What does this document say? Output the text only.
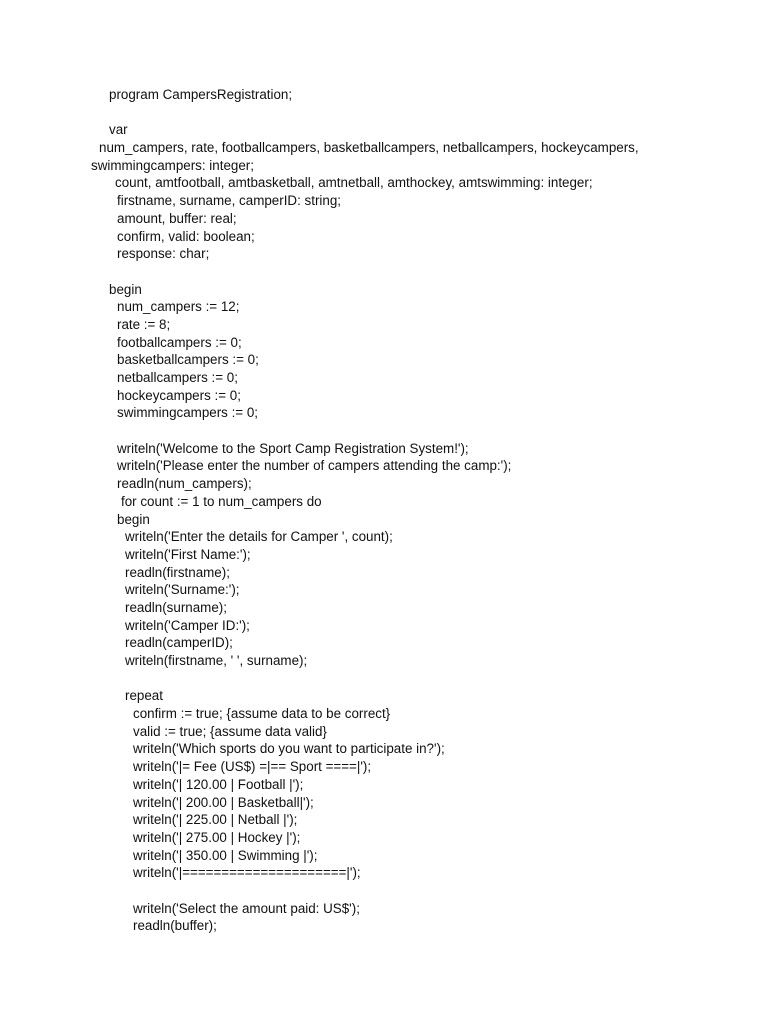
program CampersRegistration;
var
num_campers, rate, footballcampers, basketballcampers, netballcampers, hockeycampers,
swimmingcampers: integer;
count, amtfootball, amtbasketball, amtnetball, amthockey, amtswimming: integer;
firstname, surname, camperID: string;
amount, buffer: real;
confirm, valid: boolean;
response: char;
begin
num_campers := 12;
rate := 8;
footballcampers := 0;
basketballcampers := 0;
netballcampers := 0;
hockeycampers := 0;
swimmingcampers := 0;
writeln('Welcome to the Sport Camp Registration System!');
writeln('Please enter the number of campers attending the camp:');
readln(num_campers);
for count := 1 to num_campers do
begin
writeln('Enter the details for Camper ', count);
writeln('First Name:');
readln(firstname);
writeln('Surname:');
readln(surname);
writeln('Camper ID:');
readln(camperID);
writeln(firstname, ' ', surname);
repeat
confirm := true; {assume data to be correct}
valid := true; {assume data valid}
writeln('Which sports do you want to participate in?');
writeln('|= Fee (US$) =|== Sport ====|');
writeln('| 120.00 | Football |');
writeln('| 200.00 | Basketball|');
writeln('| 225.00 | Netball |');
writeln('| 275.00 | Hockey |');
writeln('| 350.00 | Swimming |');
writeln('|=====================|');
writeln('Select the amount paid: US$');
readln(buffer);
